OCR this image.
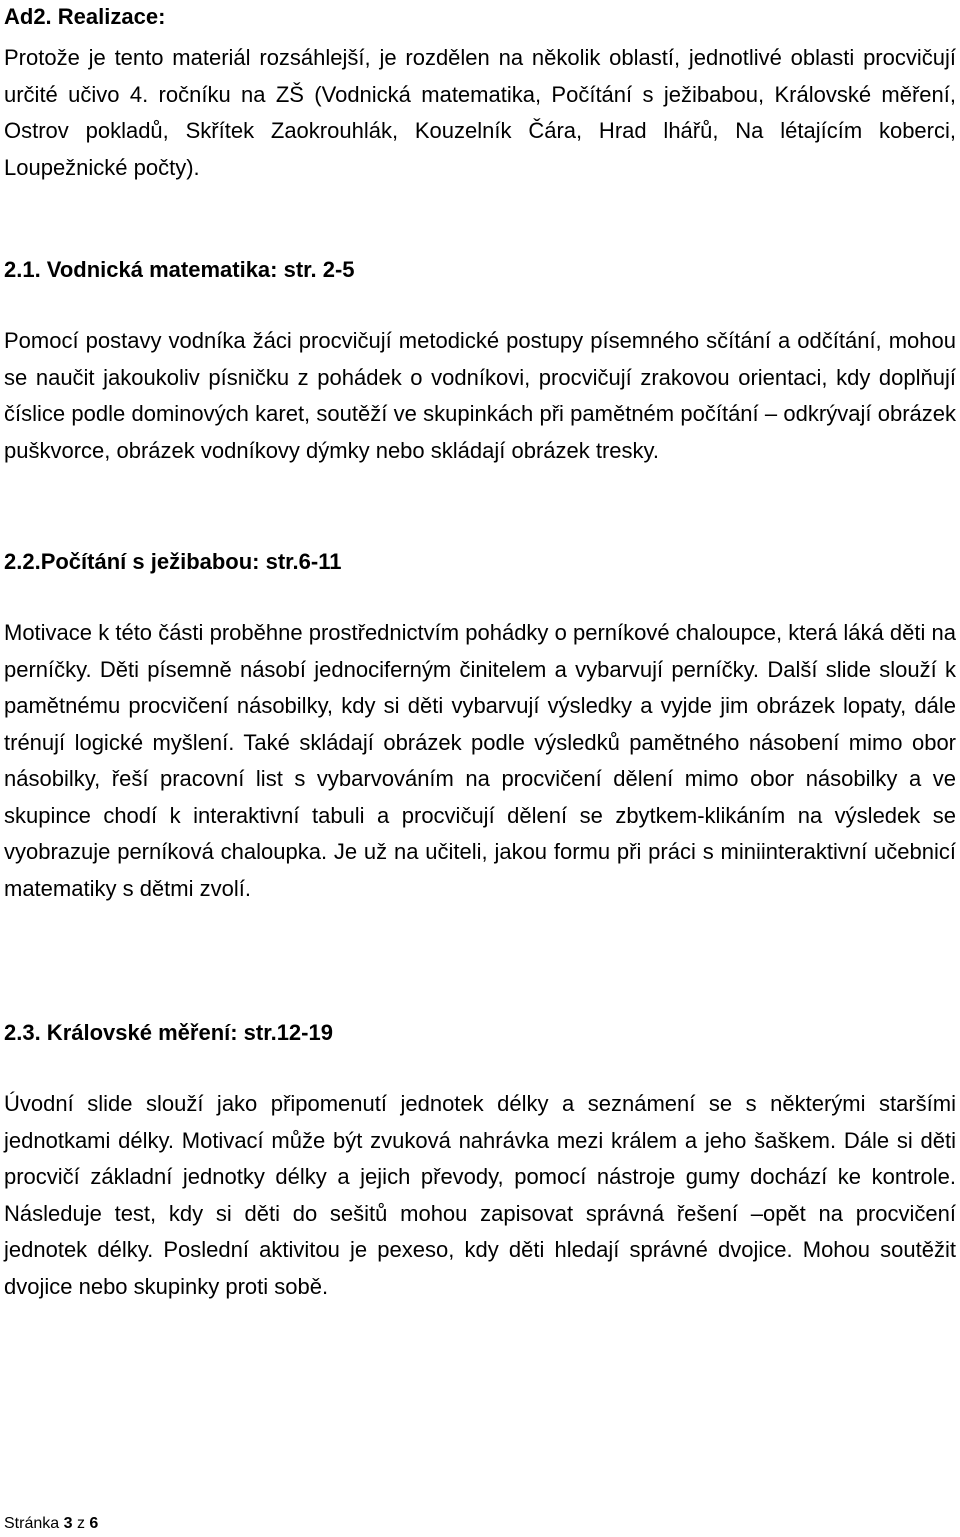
Ad2. Realizace:

Protože je tento materiál rozsáhlejší, je rozdělen na několik oblastí, jednotlivé oblasti procvičují určité učivo 4. ročníku na ZŠ (Vodnická matematika, Počítání s ježibabou, Královské měření, Ostrov pokladů, Skřítek Zaokrouhlák, Kouzelník Čára, Hrad lhářů, Na létajícím koberci, Loupežnické počty).

2.1. Vodnická matematika: str. 2-5

Pomocí postavy vodníka žáci procvičují metodické postupy písemného sčítání a odčítání, mohou se naučit jakoukoliv písničku z pohádek o vodníkovi, procvičují zrakovou orientaci, kdy doplňují číslice podle dominových karet, soutěží ve skupinkách při pamětném počítání – odkrývají obrázek puškvorce, obrázek vodníkovy dýmky nebo skládají obrázek tresky.

2.2.Počítání s ježibabou: str.6-11

Motivace k této části proběhne prostřednictvím pohádky o perníkové chaloupce, která láká děti na perníčky. Děti písemně násobí jednociferným činitelem a vybarvují perníčky. Další slide slouží k pamětnému procvičení násobilky, kdy si děti vybarvují výsledky a vyjde jim obrázek lopaty, dále trénují logické myšlení. Také skládají obrázek podle výsledků pamětného násobení mimo obor násobilky, řeší pracovní list s vybarvováním na procvičení dělení mimo obor násobilky a ve skupince chodí k interaktivní tabuli a procvičují dělení se zbytkem-klikáním na výsledek se vyobrazuje perníková chaloupka. Je už na učiteli, jakou formu při práci s miniinteraktivní učebnicí matematiky s dětmi zvolí.

2.3. Královské měření: str.12-19

Úvodní slide slouží jako připomenutí jednotek délky a seznámení se s některými staršími jednotkami délky. Motivací může být zvuková nahrávka mezi králem a jeho šaškem. Dále si děti procvičí základní jednotky délky a jejich převody, pomocí nástroje gumy dochází ke kontrole. Následuje test, kdy si děti do sešitů mohou zapisovat správná řešení –opět na procvičení jednotek délky. Poslední aktivitou je pexeso, kdy děti hledají správné dvojice. Mohou soutěžit dvojice nebo skupinky proti sobě.

Stránka 3 z 6
